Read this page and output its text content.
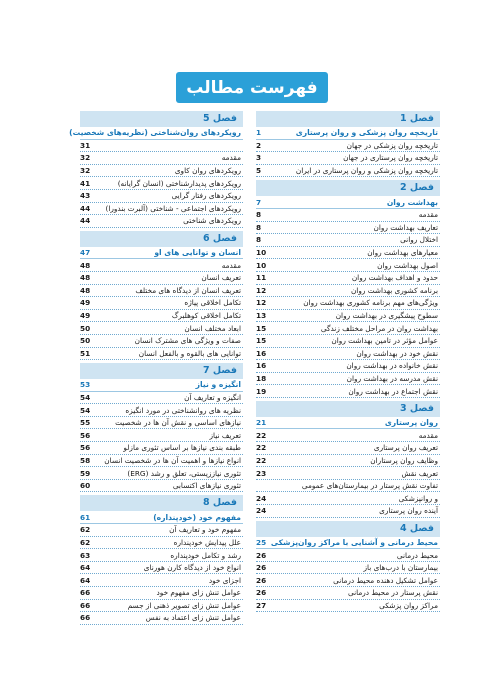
فهرست مطالب
فصل 1
تاریخچه روان پزشکی و روان پرستاری
1
تاریخچه روان پزشکی در جهان
2
تاریخچه روان پرستاری در جهان
3
تاریخچه روان پزشکی و روان پرستاری در ایران
5
فصل 2
بهداشت روان
7
مقدمه
8
تعاریف بهداشت روان
8
اختلال روانی
8
معیارهای بهداشت روان
10
اصول بهداشت روان
10
حدود و اهداف بهداشت روان
11
برنامه کشوری بهداشت روان
12
ویژگی‌های مهم برنامه کشوری بهداشت روان
12
سطوح پیشگیری در بهداشت روان
13
بهداشت روان در مراحل مختلف زندگی
15
عوامل مؤثر در تامین بهداشت روان
15
نقش خود در بهداشت روان
16
نقش خانواده در بهداشت روان
16
نقش مدرسه در بهداشت روان
18
نقش اجتماع در بهداشت روان
19
فصل 3
روان پرستاری
21
مقدمه
22
تعریف روان پرستاری
22
وظایف روان پرستاران
22
تعریف نقش
23
تفاوت نقش پرستار در بیمارستان‌های عمومی
و روانپزشکی
24
آینده روان پرستاری
24
فصل 4
محیط درمانی و آشنایی با مراکز روان‌پزشکی
25
محیط درمانی
26
بیمارستان با درب‌های باز
26
عوامل تشکیل دهنده محیط درمانی
26
نقش پرستار در محیط درمانی
26
مراکز روان پزشکی
27
فصل 5
رویکردهای روان‌شناختی (نظریه‌های شخصیت)
31
مقدمه
32
رویکردهای روان کاوی
32
رویکردهای پدیدارشناختی (انسان گرایانه)
41
رویکردهای رفتار گرایی
43
رویکردهای اجتماعی - شناختی (آلبرت بندورا)
44
رویکردهای شناختی
44
فصل 6
انسان و توانایی های او
47
مقدمه
48
تعریف انسان
48
تعریف انسان از دیدگاه های مختلف
48
تکامل اخلاقی پیاژه
49
تکامل اخلاقی کوهلبرگ
49
ابعاد مختلف انسان
50
صفات و ویژگی های مشترک انسان
50
توانایی های بالقوه و بالفعل انسان
51
فصل 7
انگیزه و نیاز
53
انگیزه و تعاریف آن
54
نظریه های روانشناختی در مورد انگیزه
54
نیازهای اساسی و نقش آن ها در شخصیت
55
تعریف نیاز
56
طبقه بندی نیازها بر اساس تئوری مازلو
56
انواع نیازها و اهمیت آن ها در شخصیت انسان
58
تئوری نیاززیستی، تعلق و رشد (ERG)
59
تئوری نیازهای اکتسابی
60
فصل 8
مفهوم خود (خودپنداره)
61
مفهوم خود و تعاریف آن
62
علل پیدایش خودپنداره
62
رشد و تکامل خودپنداره
63
انواع خود از دیدگاه کارن هورنای
64
اجزای خود
64
عوامل تنش زای مفهوم خود
66
عوامل تنش زای تصویر ذهنی از جسم
66
عوامل تنش زای اعتماد به نفس
66
